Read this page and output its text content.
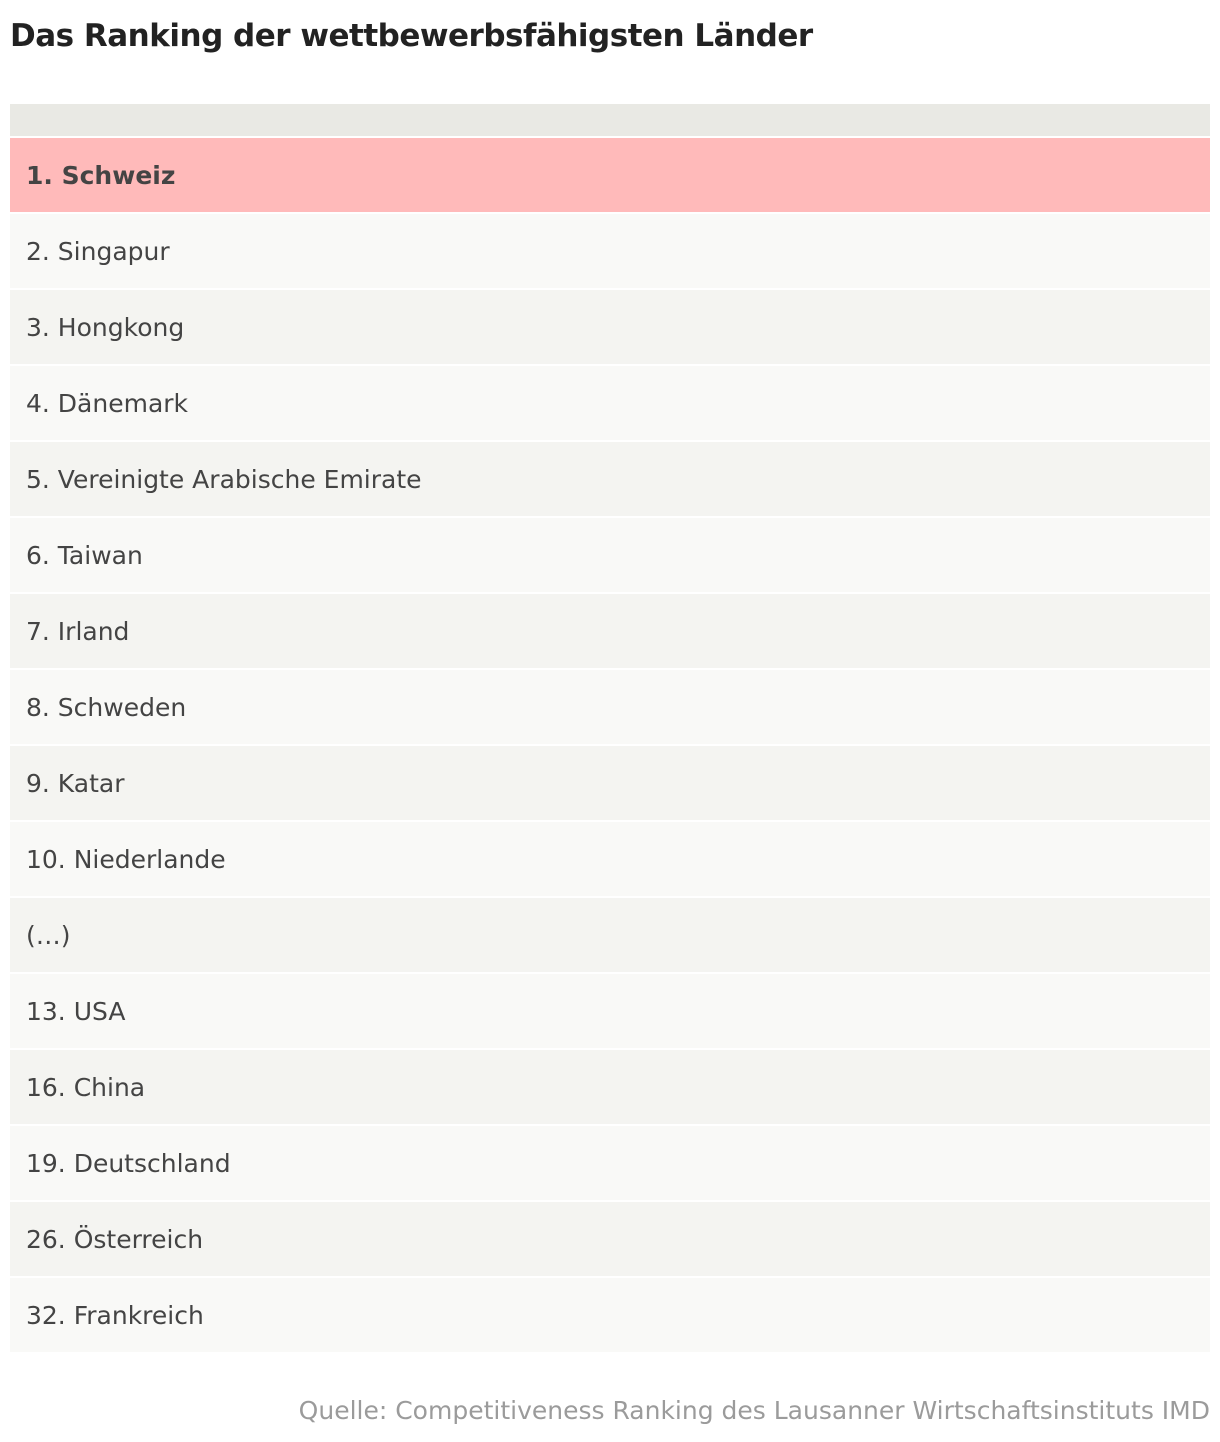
Das Ranking der wettbewerbsfähigsten Länder
1. Schweiz
2. Singapur
3. Hongkong
4. Dänemark
5. Vereinigte Arabische Emirate
6. Taiwan
7. Irland
8. Schweden
9. Katar
10. Niederlande
(…)
13. USA
16. China
19. Deutschland
26. Österreich
32. Frankreich
Quelle: Competitiveness Ranking des Lausanner Wirtschaftsinstituts IMD
